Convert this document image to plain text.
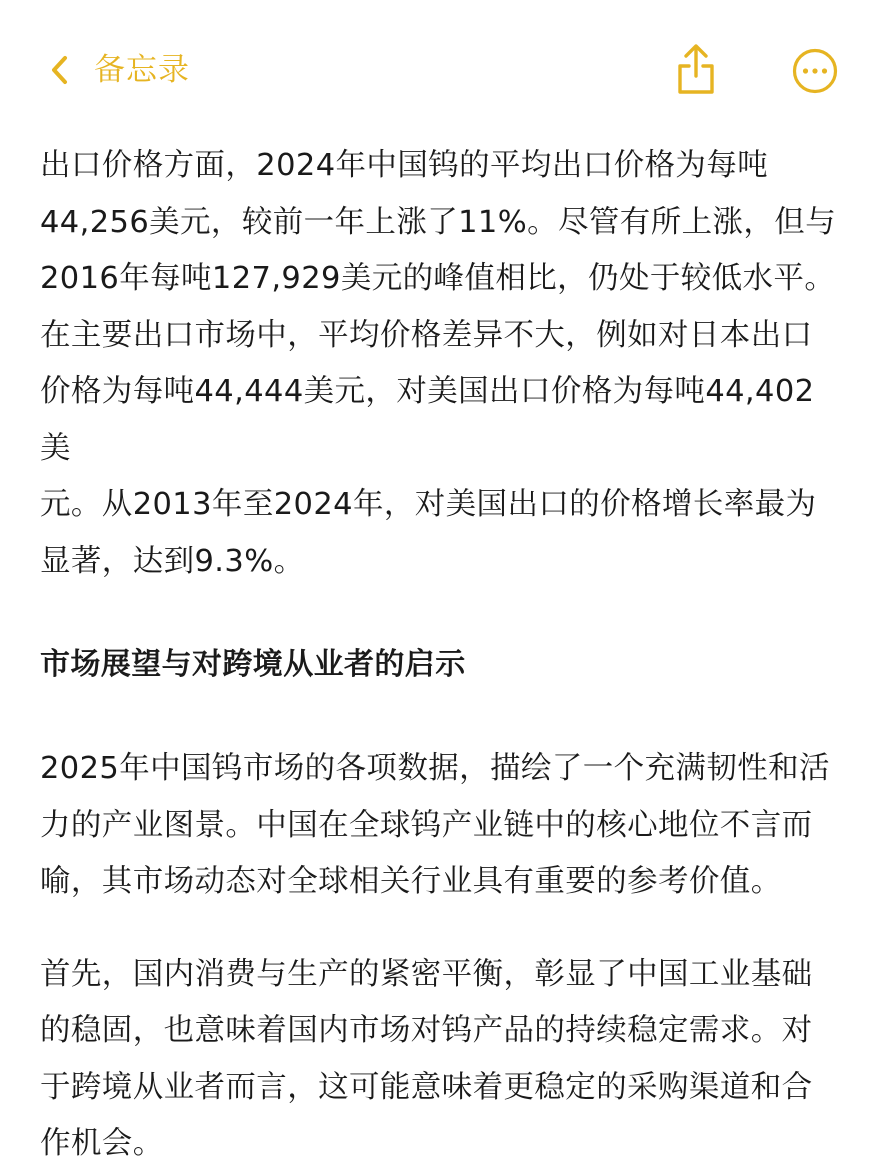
备忘录

出口价格方面，2024年中国钨的平均出口价格为每吨
44,256美元，较前一年上涨了11%。尽管有所上涨，但与
2016年每吨127,929美元的峰值相比，仍处于较低水平。
在主要出口市场中，平均价格差异不大，例如对日本出口
价格为每吨44,444美元，对美国出口价格为每吨44,402美
元。从2013年至2024年，对美国出口的价格增长率最为
显著，达到9.3%。

市场展望与对跨境从业者的启示

2025年中国钨市场的各项数据，描绘了一个充满韧性和活
力的产业图景。中国在全球钨产业链中的核心地位不言而
喻，其市场动态对全球相关行业具有重要的参考价值。

首先，国内消费与生产的紧密平衡，彰显了中国工业基础
的稳固，也意味着国内市场对钨产品的持续稳定需求。对
于跨境从业者而言，这可能意味着更稳定的采购渠道和合
作机会。
